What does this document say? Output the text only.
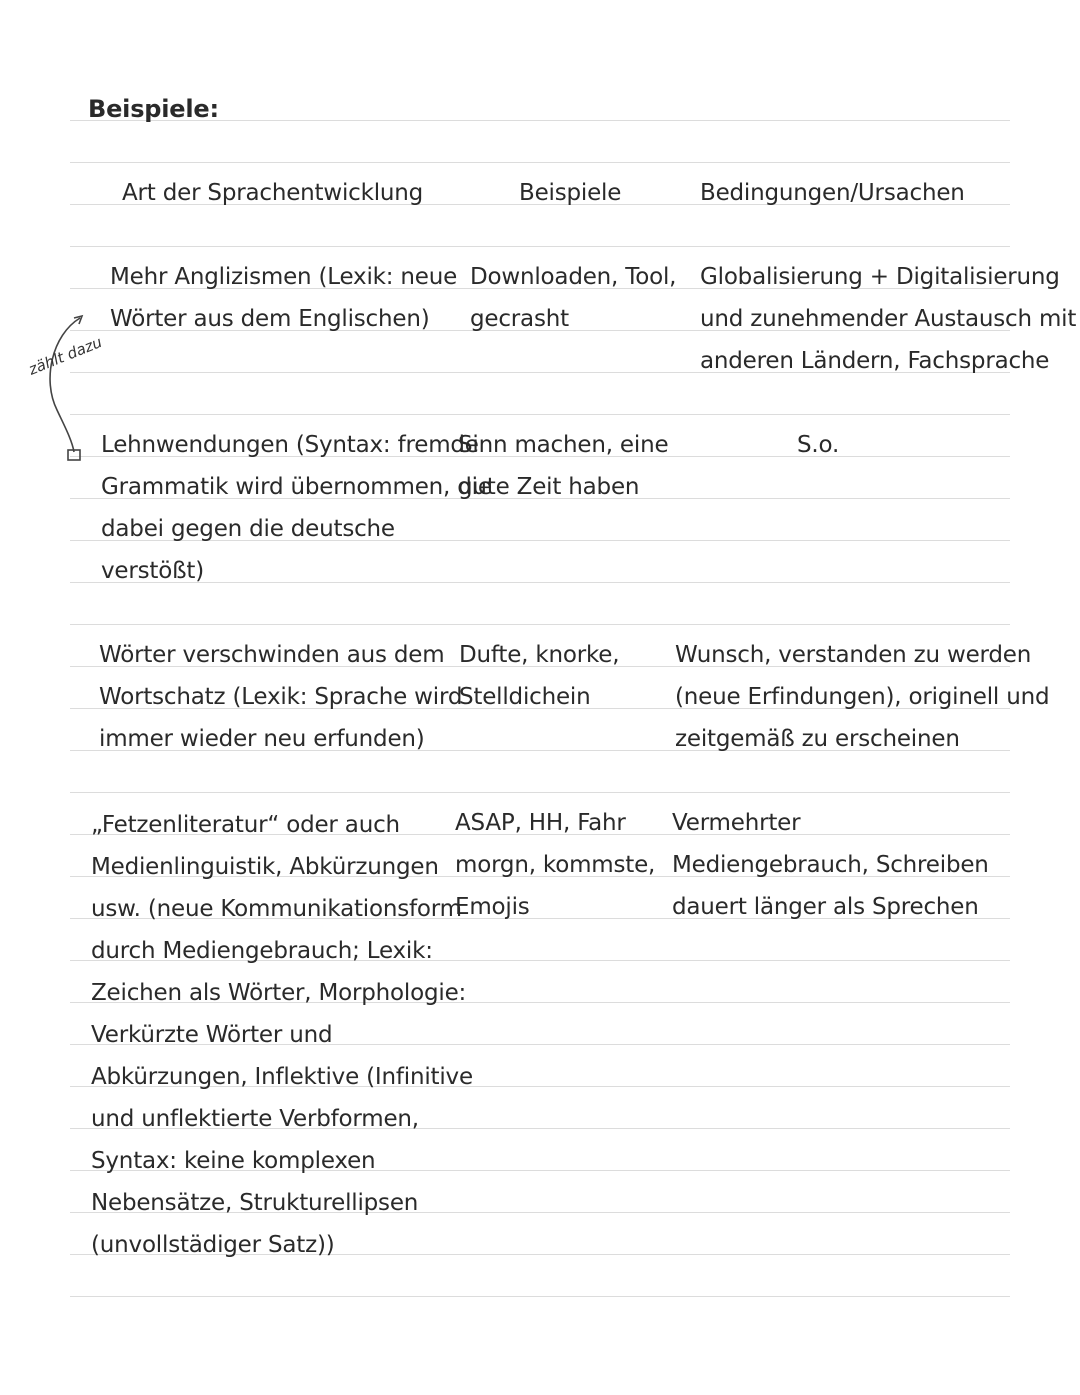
Beispiele:
Art der Sprachentwicklung	Beispiele	Bedingungen/Ursachen
Mehr Anglizismen (Lexik: neue
Wörter aus dem Englischen)
Downloaden, Tool,
gecrasht
Globalisierung + Digitalisierung
und zunehmender Austausch mit
anderen Ländern, Fachsprache
zählt dazu
Lehnwendungen (Syntax: fremde
Grammatik wird übernommen, die
dabei gegen die deutsche
verstößt)
Sinn machen, eine
gute Zeit haben
S.o.
Wörter verschwinden aus dem
Wortschatz (Lexik: Sprache wird
immer wieder neu erfunden)
Dufte, knorke,
Stelldichein
Wunsch, verstanden zu werden
(neue Erfindungen), originell und
zeitgemäß zu erscheinen
„Fetzenliteratur“ oder auch
Medienlinguistik, Abkürzungen
usw. (neue Kommunikationsform
durch Mediengebrauch; Lexik:
Zeichen als Wörter, Morphologie:
Verkürzte Wörter und
Abkürzungen, Inflektive (Infinitive
und unflektierte Verbformen,
Syntax: keine komplexen
Nebensätze, Strukturellipsen
(unvollstädiger Satz))
ASAP, HH, Fahr
morgn, kommste,
Emojis
Vermehrter
Mediengebrauch, Schreiben
dauert länger als Sprechen
